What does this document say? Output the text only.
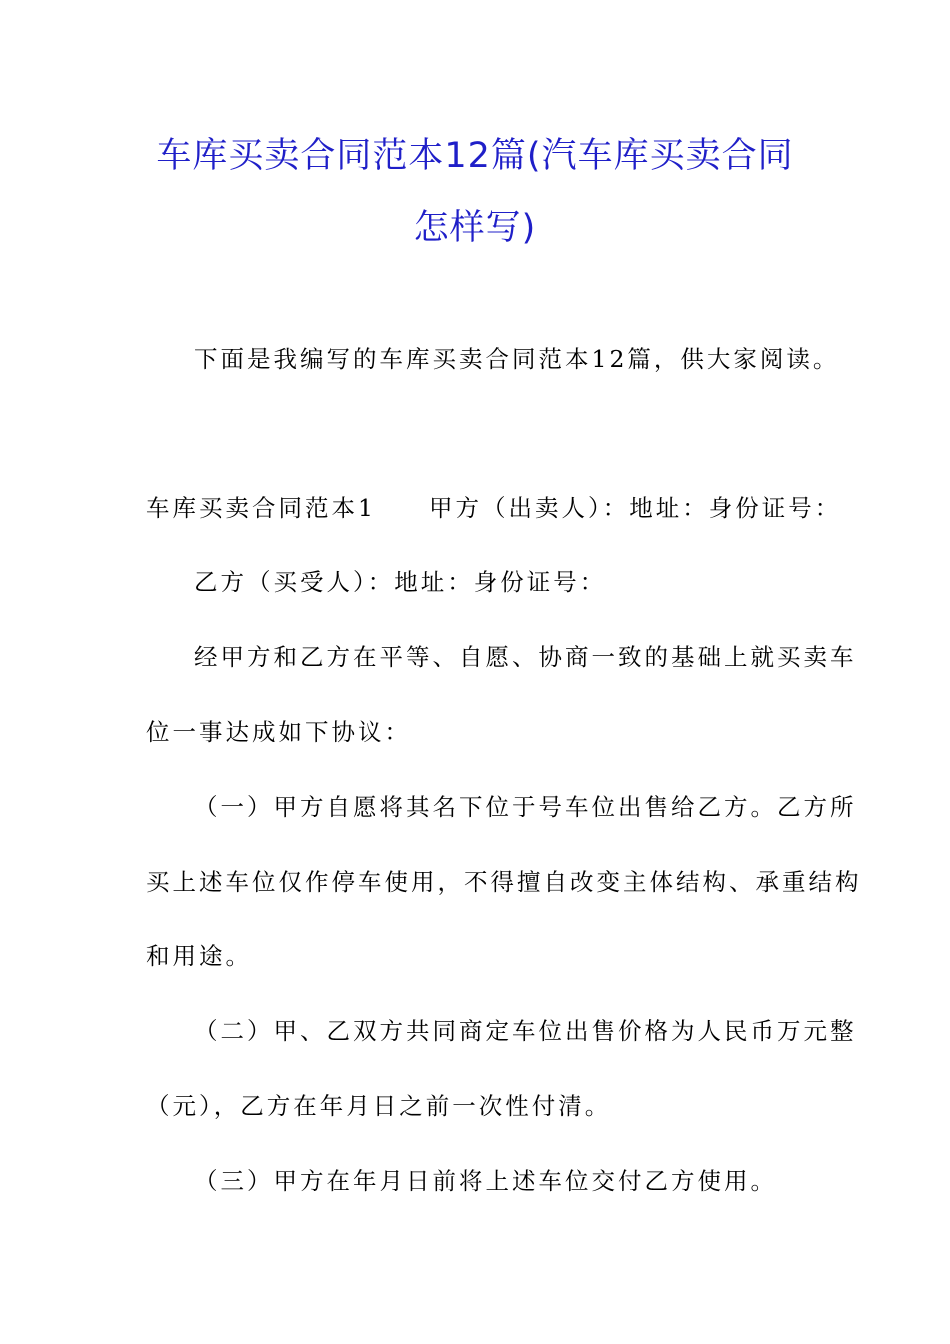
车库买卖合同范本12篇(汽车库买卖合同
怎样写)
下面是我编写的车库买卖合同范本12篇，供大家阅读。
车库买卖合同范本1　　甲方（出卖人）：地址：身份证号：
乙方（买受人）：地址：身份证号：
经甲方和乙方在平等、自愿、协商一致的基础上就买卖车
位一事达成如下协议：
（一）甲方自愿将其名下位于号车位出售给乙方。乙方所
买上述车位仅作停车使用，不得擅自改变主体结构、承重结构
和用途。
（二）甲、乙双方共同商定车位出售价格为人民币万元整
（元），乙方在年月日之前一次性付清。
（三）甲方在年月日前将上述车位交付乙方使用。
